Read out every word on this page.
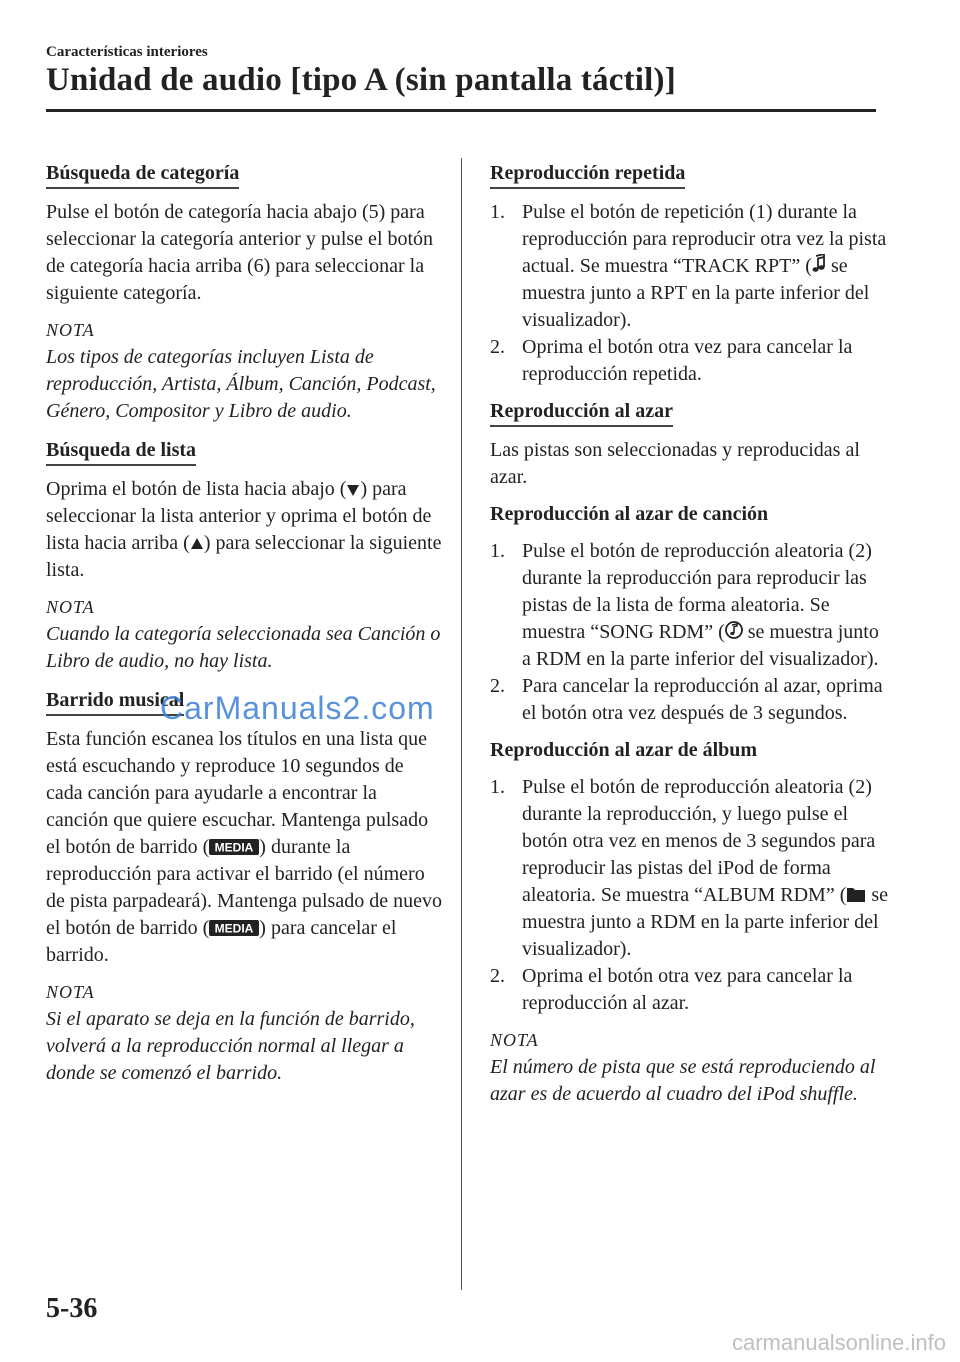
Características interiores
Unidad de audio [tipo A (sin pantalla táctil)]
Búsqueda de categoría

Pulse el botón de categoría hacia abajo (5) para seleccionar la categoría anterior y pulse el botón de categoría hacia arriba (6) para seleccionar la siguiente categoría.

NOTA

Los tipos de categorías incluyen Lista de reproducción, Artista, Álbum, Canción, Podcast, Género, Compositor y Libro de audio.

Búsqueda de lista

Oprima el botón de lista hacia abajo ( ) para seleccionar la lista anterior y oprima el botón de lista hacia arriba ( ) para seleccionar la siguiente lista.

NOTA

Cuando la categoría seleccionada sea Canción o Libro de audio, no hay lista.

Barrido musical

Esta función escanea los títulos en una lista que está escuchando y reproduce 10 segundos de cada canción para ayudarle a encontrar la canción que quiere escuchar. Mantenga pulsado el botón de barrido ( MEDIA ) durante la reproducción para activar el barrido (el número de pista parpadeará). Mantenga pulsado de nuevo el botón de barrido ( MEDIA ) para cancelar el barrido.

NOTA

Si el aparato se deja en la función de barrido, volverá a la reproducción normal al llegar a donde se comenzó el barrido.

Reproducción repetida
1. Pulse el botón de repetición (1) durante la reproducción para reproducir otra vez la pista actual. Se muestra “TRACK RPT” ( se muestra junto a RPT en la parte inferior del visualizador).
2. Oprima el botón otra vez para cancelar la reproducción repetida.
Reproducción al azar

Las pistas son seleccionadas y reproducidas al azar.

Reproducción al azar de canción
1. Pulse el botón de reproducción aleatoria (2) durante la reproducción para reproducir las pistas de la lista de forma aleatoria. Se muestra “SONG RDM” ( se muestra junto a RDM en la parte inferior del visualizador).
2. Para cancelar la reproducción al azar, oprima el botón otra vez después de 3 segundos.
Reproducción al azar de álbum
1. Pulse el botón de reproducción aleatoria (2) durante la reproducción, y luego pulse el botón otra vez en menos de 3 segundos para reproducir las pistas del iPod de forma aleatoria. Se muestra “ALBUM RDM” ( se muestra junto a RDM en la parte inferior del visualizador).
2. Oprima el botón otra vez para cancelar la reproducción al azar.

NOTA

El número de pista que se está reproduciendo al azar es de acuerdo al cuadro del iPod shuffle.

CarManuals2.com
5-36
carmanualsonline.info
